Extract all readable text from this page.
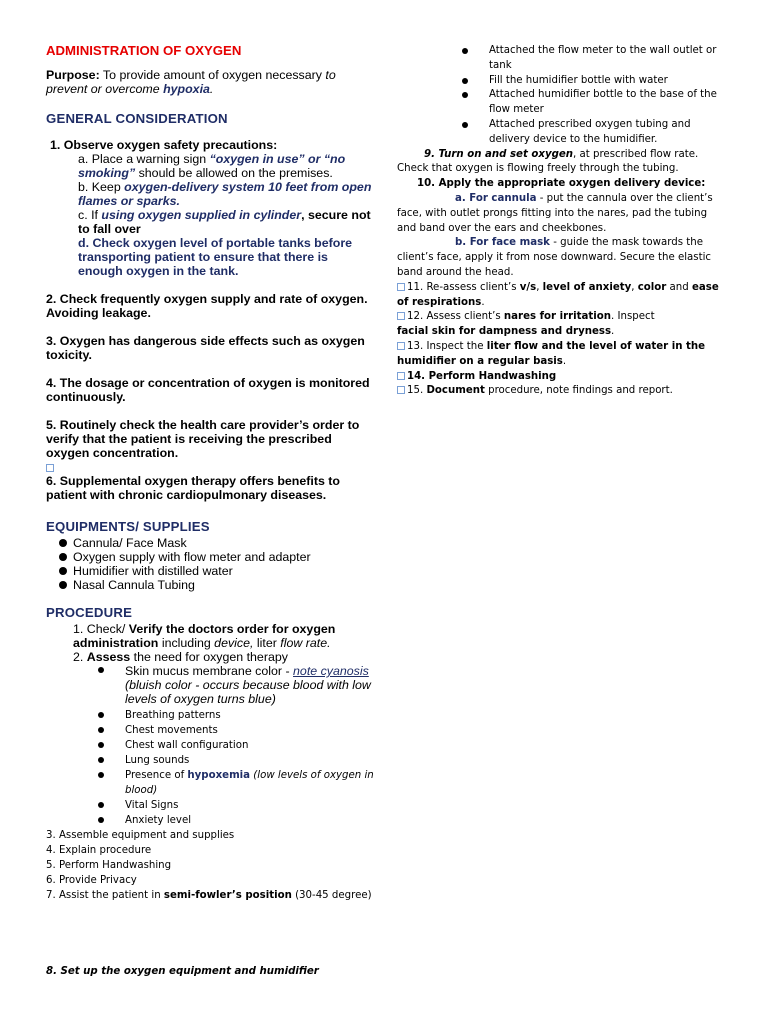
ADMINISTRATION OF OXYGEN

Purpose: To provide amount of oxygen necessary to prevent or overcome hypoxia.

GENERAL CONSIDERATION

1. Observe oxygen safety precautions:

a. Place a warning sign “oxygen in use” or “no smoking” should be allowed on the premises.

b. Keep oxygen-delivery system 10 feet from open flames or sparks.

c. If using oxygen supplied in cylinder, secure not to fall over

d. Check oxygen level of portable tanks before transporting patient to ensure that there is enough oxygen in the tank.

2. Check frequently oxygen supply and rate of oxygen. Avoiding leakage.

3. Oxygen has dangerous side effects such as oxygen toxicity.

4. The dosage or concentration of oxygen is monitored continuously.

5. Routinely check the health care provider’s order to verify that the patient is receiving the prescribed oxygen concentration.

6. Supplemental oxygen therapy offers benefits to patient with chronic cardiopulmonary diseases.

EQUIPMENTS/ SUPPLIES

Cannula/ Face Mask
Oxygen supply with flow meter and adapter
Humidifier with distilled water
Nasal Cannula Tubing

PROCEDURE

1. Check/ Verify the doctors order for oxygen administration including device, liter flow rate.
2. Assess the need for oxygen therapy
Skin mucus membrane color - note cyanosis (bluish color - occurs because blood with low levels of oxygen turns blue)
Breathing patterns
Chest movements
Chest wall configuration
Lung sounds
Presence of hypoxemia (low levels of oxygen in blood)
Vital Signs
Anxiety level

3. Assemble equipment and supplies

4. Explain procedure

5. Perform Handwashing

6. Provide Privacy

7. Assist the patient in semi-fowler’s position (30-45 degree)

8. Set up the oxygen equipment and humidifier

Attached the flow meter to the wall outlet or tank
Fill the humidifier bottle with water
Attached humidifier bottle to the base of the flow meter
Attached prescribed oxygen tubing and delivery device to the humidifier.

9. Turn on and set oxygen, at prescribed flow rate.

Check that oxygen is flowing freely through the tubing.

10. Apply the appropriate oxygen delivery device:

a. For cannula - put the cannula over the client’s face, with outlet prongs fitting into the nares, pad the tubing and band over the ears and cheekbones.

b. For face mask - guide the mask towards the client’s face, apply it from nose downward. Secure the elastic band around the head.

11. Re-assess client’s v/s, level of anxiety, color and ease of respirations.

12. Assess client’s nares for irritation. Inspect
facial skin for dampness and dryness.

13. Inspect the liter flow and the level of water in the humidifier on a regular basis.

14. Perform Handwashing

15. Document procedure, note findings and report.
